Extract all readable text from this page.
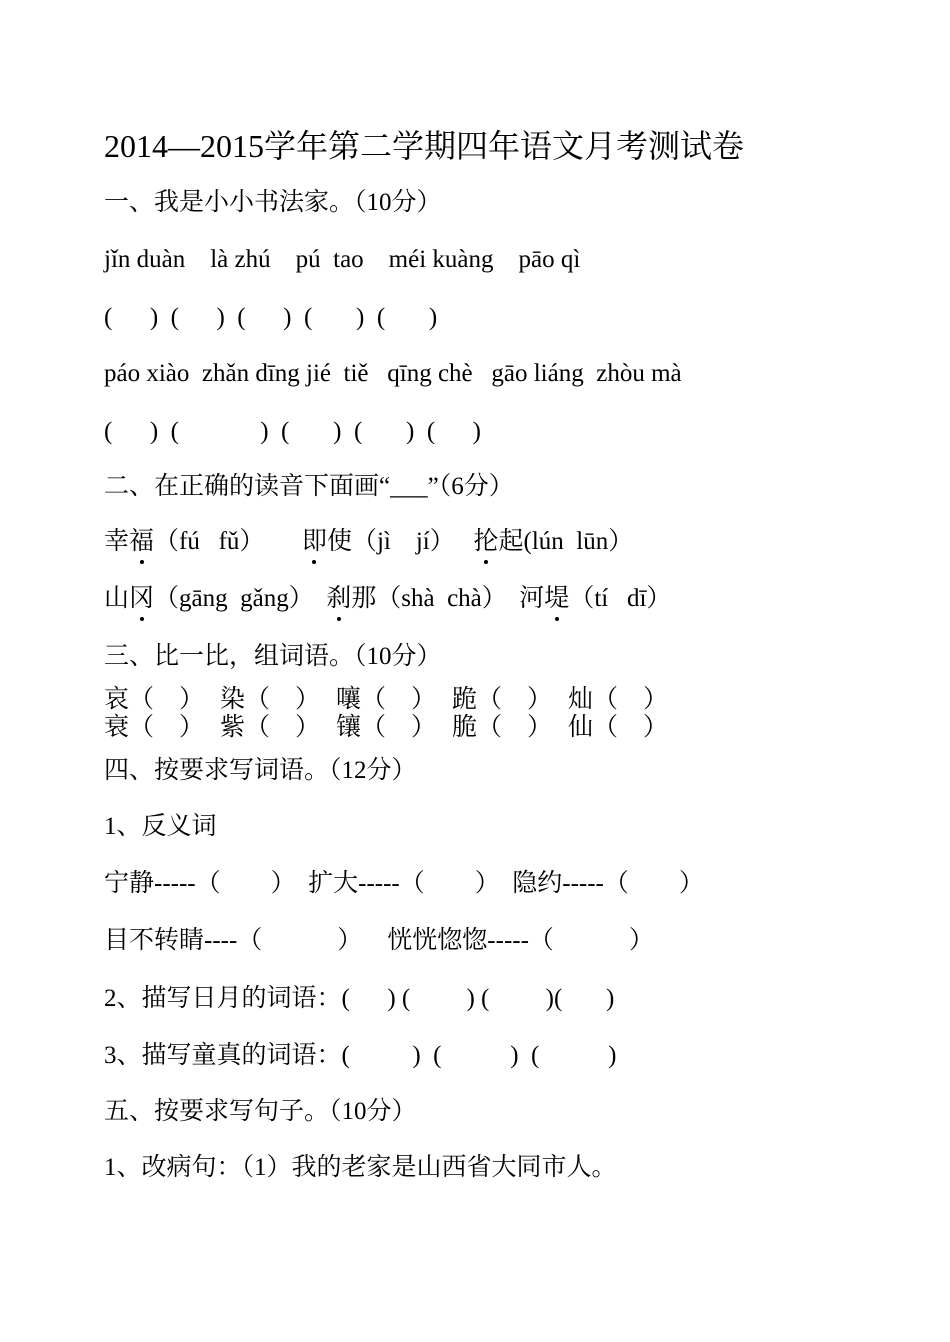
2014—2015学年第二学期四年语文月考测试卷
一、我是小小书法家。（10分）
jǐn duàn    là zhú    pú  tao    méi kuàng    pāo qì
(      )  (      )  (      )  (       )  (       )
páo xiào  zhǎn dīng jié  tiě   qīng chè   gāo liáng  zhòu mà
(      )  (             )  (       )  (       )  (      )
二、在正确的读音下面画“___”（6分）
幸福（fú   fǔ）      即使（jì    jí）   抡起(lún  lūn）
山冈（gāng  gǎng）  刹那（shà  chà）  河堤（tí   dī）
三、比一比，组词语。（10分）
哀（    ） 染（    ） 嚷（    ） 跪（    ） 灿（    ）
衰（    ） 紫（    ） 镶（    ） 脆（    ） 仙（    ）
四、按要求写词语。（12分）
1、反义词
宁静-----（        ）  扩大-----（        ）  隐约-----（        ）
目不转睛----（            ）    恍恍惚惚-----（            ）
2、描写日月的词语：(      ) (         ) (         )(       )
3、描写童真的词语：(          )  (           )  (           )
五、按要求写句子。（10分）
1、改病句：（1）我的老家是山西省大同市人。
